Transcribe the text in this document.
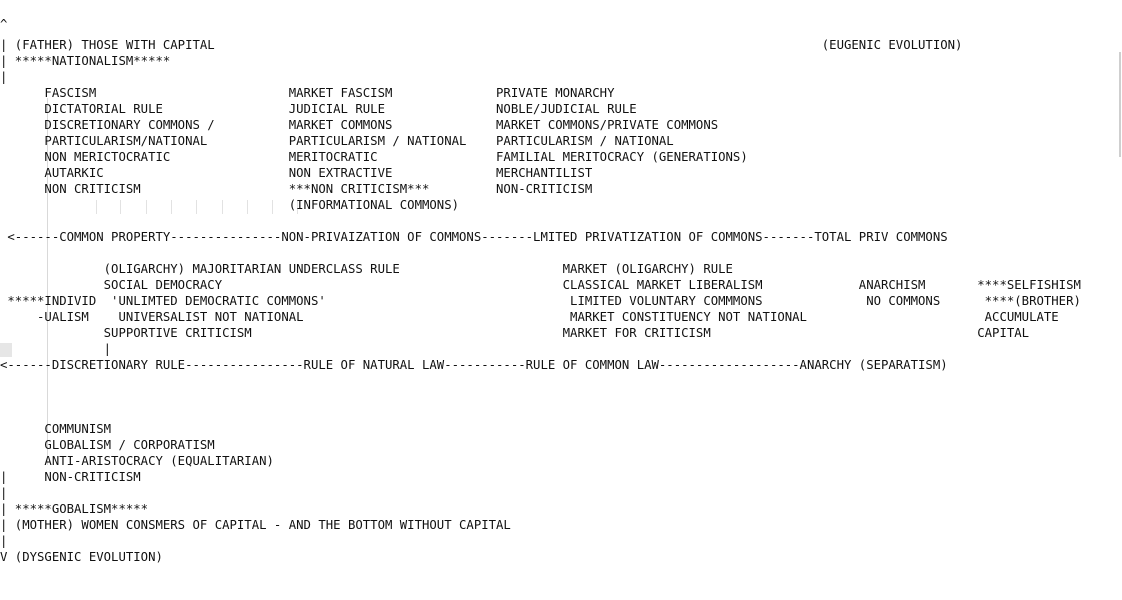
^
| (FATHER) THOSE WITH CAPITAL                                                                                  (EUGENIC EVOLUTION)
| *****NATIONALISM*****
|
FASCISM                          MARKET FASCISM              PRIVATE MONARCHY
DICTATORIAL RULE                 JUDICIAL RULE               NOBLE/JUDICIAL RULE
DISCRETIONARY COMMONS /          MARKET COMMONS              MARKET COMMONS/PRIVATE COMMONS
PARTICULARISM/NATIONAL           PARTICULARISM / NATIONAL    PARTICULARISM / NATIONAL
NON MERICTOCRATIC                MERITOCRATIC                FAMILIAL MERITOCRACY (GENERATIONS)
AUTARKIC                         NON EXTRACTIVE              MERCHANTILIST
NON CRITICISM                    ***NON CRITICISM***         NON-CRITICISM
(INFORMATIONAL COMMONS)
<------COMMON PROPERTY---------------NON-PRIVAIZATION OF COMMONS-------LMITED PRIVATIZATION OF COMMONS-------TOTAL PRIV COMMONS
(OLIGARCHY) MAJORITARIAN UNDERCLASS RULE                      MARKET (OLIGARCHY) RULE
SOCIAL DEMOCRACY                                              CLASSICAL MARKET LIBERALISM             ANARCHISM       ****SELFISHISM
*****INDIVID  'UNLIMTED DEMOCRATIC COMMONS'                                 LIMITED VOLUNTARY COMMMONS              NO COMMONS      ****(BROTHER)
-UALISM    UNIVERSALIST NOT NATIONAL                                    MARKET CONSTITUENCY NOT NATIONAL                        ACCUMULATE
SUPPORTIVE CRITICISM                                          MARKET FOR CRITICISM                                    CAPITAL
|
<------DISCRETIONARY RULE----------------RULE OF NATURAL LAW-----------RULE OF COMMON LAW-------------------ANARCHY (SEPARATISM)
COMMUNISM
GLOBALISM / CORPORATISM
ANTI-ARISTOCRACY (EQUALITARIAN)
|     NON-CRITICISM
|
| *****GOBALISM*****
| (MOTHER) WOMEN CONSMERS OF CAPITAL - AND THE BOTTOM WITHOUT CAPITAL
|
V (DYSGENIC EVOLUTION)
